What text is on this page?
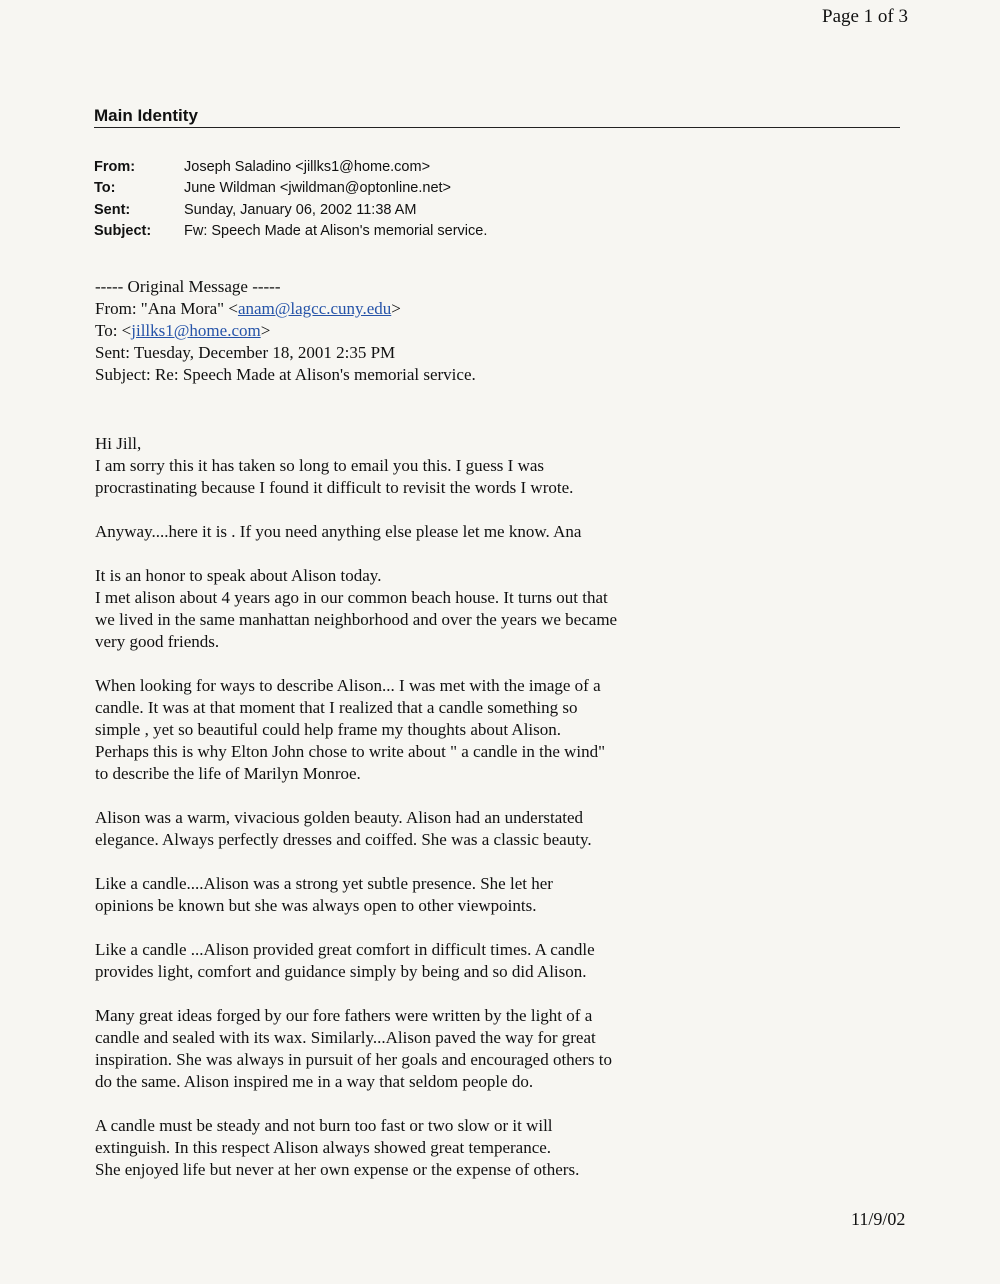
Page 1 of 3
Main Identity
From:	Joseph Saladino <jillks1@home.com>
To:	June Wildman <jwildman@optonline.net>
Sent:	Sunday, January 06, 2002 11:38 AM
Subject:	Fw: Speech Made at Alison's memorial service.
----- Original Message -----
From: "Ana Mora" <anam@lagcc.cuny.edu>
To: <jillks1@home.com>
Sent: Tuesday, December 18, 2001 2:35 PM
Subject: Re: Speech Made at Alison's memorial service.
Hi Jill,
I am sorry this it has taken so long to email you this. I guess I was
procrastinating because I found it difficult to revisit the words I wrote.
Anyway....here it is . If you need anything else please let me know. Ana
It is an honor to speak about Alison today.
I met alison about 4 years ago in our common beach house. It turns out that
we lived in the same manhattan neighborhood and over the years we became
very good friends.
When looking for ways to describe Alison... I was met with the image of a
candle. It was at that moment that I realized that a candle something so
simple , yet so beautiful could help frame my thoughts about Alison.
Perhaps this is why Elton John chose to write about " a candle in the wind"
to describe the life of Marilyn Monroe.
Alison was a warm, vivacious golden beauty. Alison had an understated
elegance. Always perfectly dresses and coiffed. She was a classic beauty.
Like a candle....Alison was a strong yet subtle presence. She let her
opinions be known but she was always open to other viewpoints.
Like a candle ...Alison provided great comfort in difficult times. A candle
provides light, comfort and guidance simply by being and so did Alison.
Many great ideas forged by our fore fathers were written by the light of a
candle and sealed with its wax. Similarly...Alison paved the way for great
inspiration. She was always in pursuit of her goals and encouraged others to
do the same. Alison inspired me in a way that seldom people do.
A candle must be steady and not burn too fast or two slow or it will
extinguish. In this respect Alison always showed great temperance.
She enjoyed life but never at her own expense or the expense of others.
11/9/02
